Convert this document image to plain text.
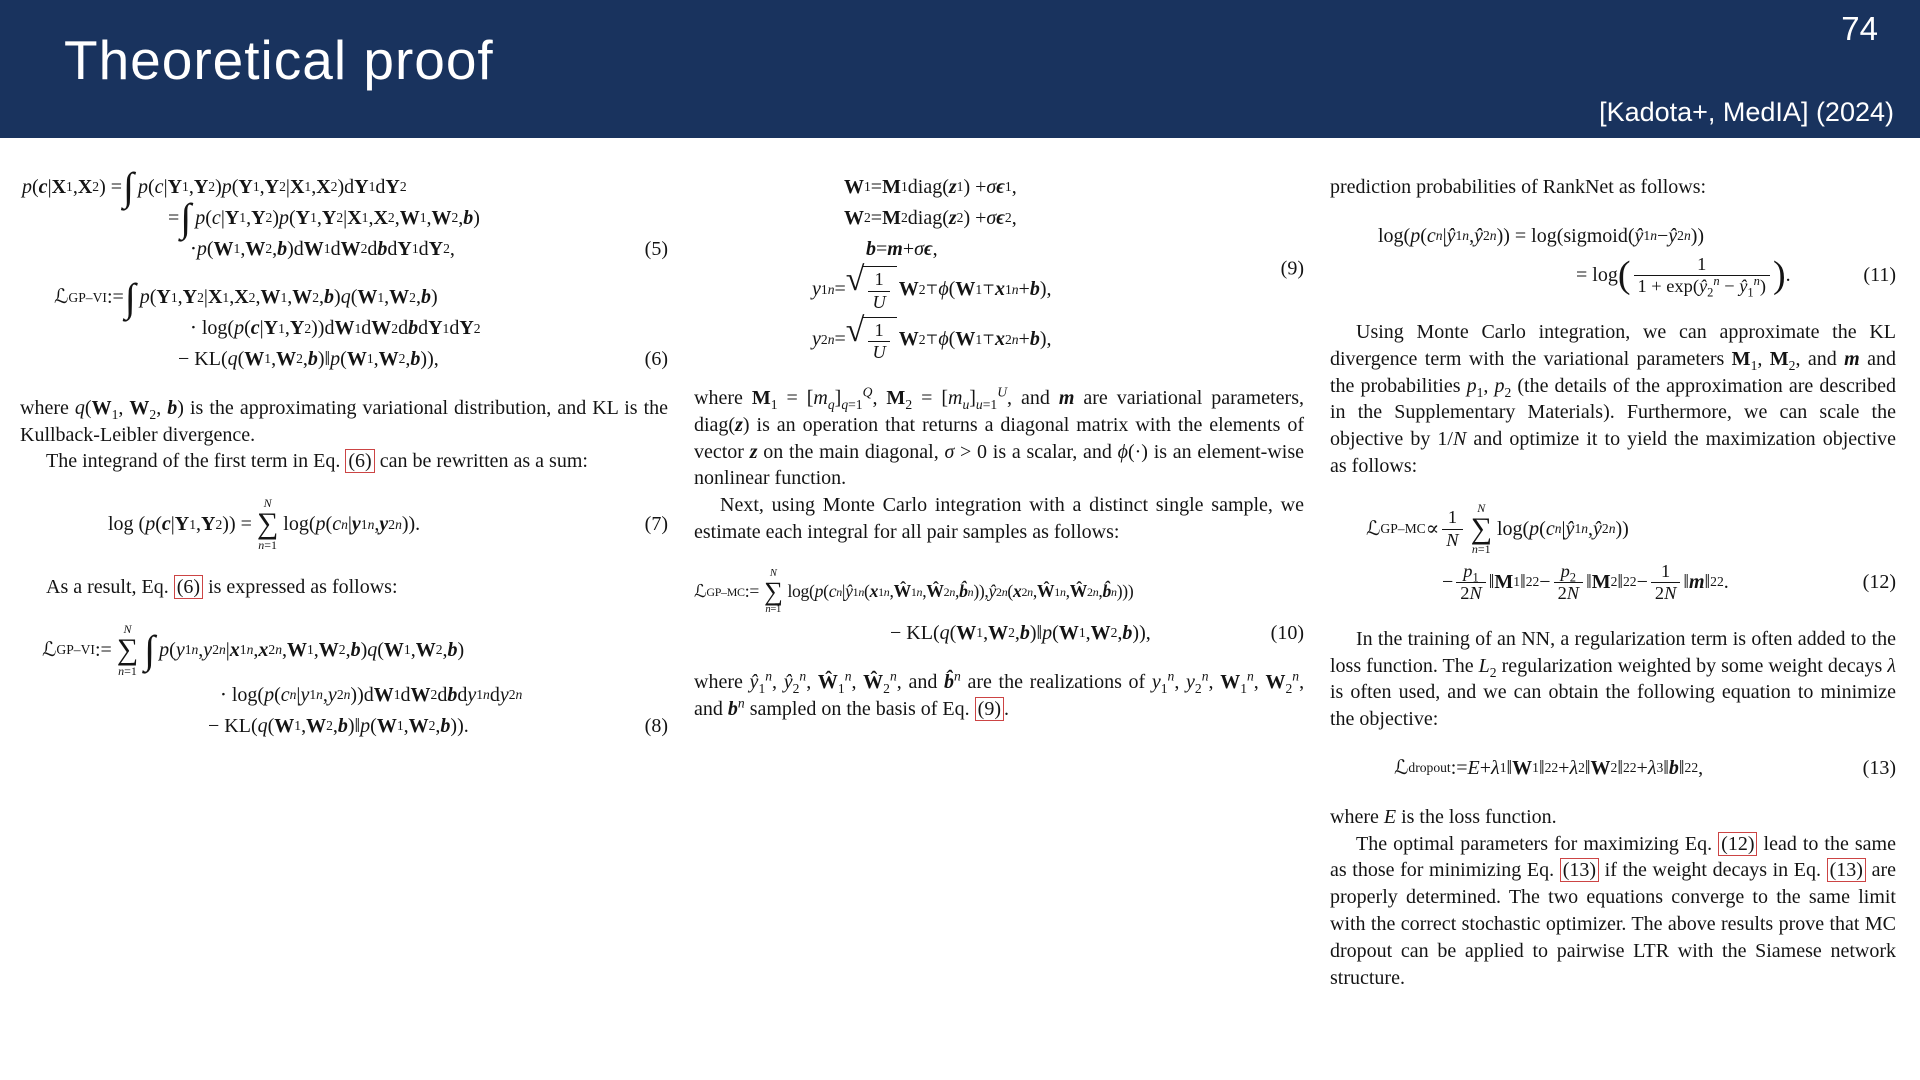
74
Theoretical proof
[Kadota+, MedIA] (2024)
p ( c | X 1 , X 2 ) = ∫ p ( c | Y 1 , Y 2 ) p ( Y 1 , Y 2 | X 1 , X 2 )d Y 1 d Y 2
= ∫ p ( c | Y 1 , Y 2 ) p ( Y 1 , Y 2 | X 1 , X 2 , W 1 , W 2 , b )
⋅ p ( W 1 , W 2 , b )d W 1 d W 2 d b d Y 1 d Y 2 ,	(5)
ℒ GP–VI := ∫ p ( Y 1 , Y 2 | X 1 , X 2 , W 1 , W 2 , b ) q ( W 1 , W 2 , b )
⋅ log( p ( c | Y 1 , Y 2 ))d W 1 d W 2 d b d Y 1 d Y 2
− KL( q ( W 1 , W 2 , b )‖ p ( W 1 , W 2 , b )),	(6)

where $q(W_1$, $W_2$, b) is the approximating variational distribution, and KL is the Kullback-Leibler divergence.

The integrand of the first term in Eq. (6) can be rewritten as a sum:

log ( p ( c | Y 1 , Y 2 )) =
N
∑
n=1
log( p ( c n | y 1 n , y 2 n )).	(7)

As a result, Eq. (6) is expressed as follows:

ℒ GP–VI :=
N
∑
n=1 ∫ p ( y 1 n , y 2 n | x 1 n , x 2 n , W 1 , W 2 , b ) q ( W 1 , W 2 , b )
⋅ log( p ( c n | y 1 n , y 2 n ))d W 1 d W 2 d b d y 1 n d y 2 n
− KL( q ( W 1 , W 2 , b )‖ p ( W 1 , W 2 , b )).	(8)
W 1 = M 1 diag( z 1 ) + σ ϵ 1 ,
W 2 = M 2 diag( z 2 ) + σ ϵ 2 ,
b = m + σ ϵ ,
y 1 n = √ $\frac{1}{U}$ W 2 ⊤ ϕ ( W 1 ⊤ x 1 n + b ),
y 2 n = √ $\frac{1}{U}$ W 2 ⊤ ϕ ( W 1 ⊤ x 2 n + b ),
(9)

where $M_1 = [m_q]_{q=1}^Q$, $M_2 = [m_u]_{u=1}^U$, and m are variational parameters, diag(z) is an operation that returns a diagonal matrix with the elements of vector z on the main diagonal, σ > 0 is a scalar, and ϕ(·) is an element-wise nonlinear function.

Next, using Monte Carlo integration with a distinct single sample, we estimate each integral for all pair samples as follows:

ℒ GP–MC :=
N
∑
n=1
log( p ( c n | ŷ 1 n ( x 1 n , Ŵ 1 n , Ŵ 2 n , b̂ n )), ŷ 2 n ( x 2 n , Ŵ 1 n , Ŵ 2 n , b̂ n )))
− KL( q ( W 1 , W 2 , b )‖ p ( W 1 , W 2 , b )),	(10)

where $ŷ_1^n$, $ŷ_2^n$, $Ŵ_1^n$, $Ŵ_2^n$, and b̂$^n$ are the realizations of $y_1^n$, $y_2^n$, $W_1^n$, $W_2^n$, and $b^n$ sampled on the basis of Eq. (9) .

prediction probabilities of RankNet as follows:

log( p ( c n | ŷ 1 n , ŷ 2 n )) = log(sigmoid( ŷ 1 n − ŷ 2 n ))
= log ( $\frac{1}{1 + \exp(ŷ_2^n - ŷ_1^n)}$ ) .	(11)

Using Monte Carlo integration, we can approximate the KL divergence term with the variational parameters $M_1$, $M_2$, and m and the probabilities $p_1$, $p_2$ (the details of the approximation are described in the Supplementary Materials). Furthermore, we can scale the objective by 1/N and optimize it to yield the maximization objective as follows:

ℒ $GP-MC \propto \frac{1}{N}$ N
∑
n=1
log( p ( c n | ŷ 1 n , ŷ 2 n ))
− $\frac{p_1}{2N}$ ‖ M 1 ‖ 2 $2 - \frac{p_2}{2N}$ ‖ M 2 ‖ 2 $2 - \frac{1}{2N}$ ‖ m ‖ 2 2 .	(12)

In the training of an NN, a regularization term is often added to the loss function. The $L_2$ regularization weighted by some weight decays λ is often used, and we can obtain the following equation to minimize the objective:

ℒ dropout := E + λ 1 ‖ W 1 ‖ 2 2 + λ 2 ‖ W 2 ‖ 2 2 + λ 3 ‖ b ‖ 2 2 ,	(13)

where E is the loss function.

The optimal parameters for maximizing Eq. (12) lead to the same as those for minimizing Eq. (13) if the weight decays in Eq. (13) are properly determined. The two equations converge to the same limit with the correct stochastic optimizer. The above results prove that MC dropout can be applied to pairwise LTR with the Siamese network structure.
